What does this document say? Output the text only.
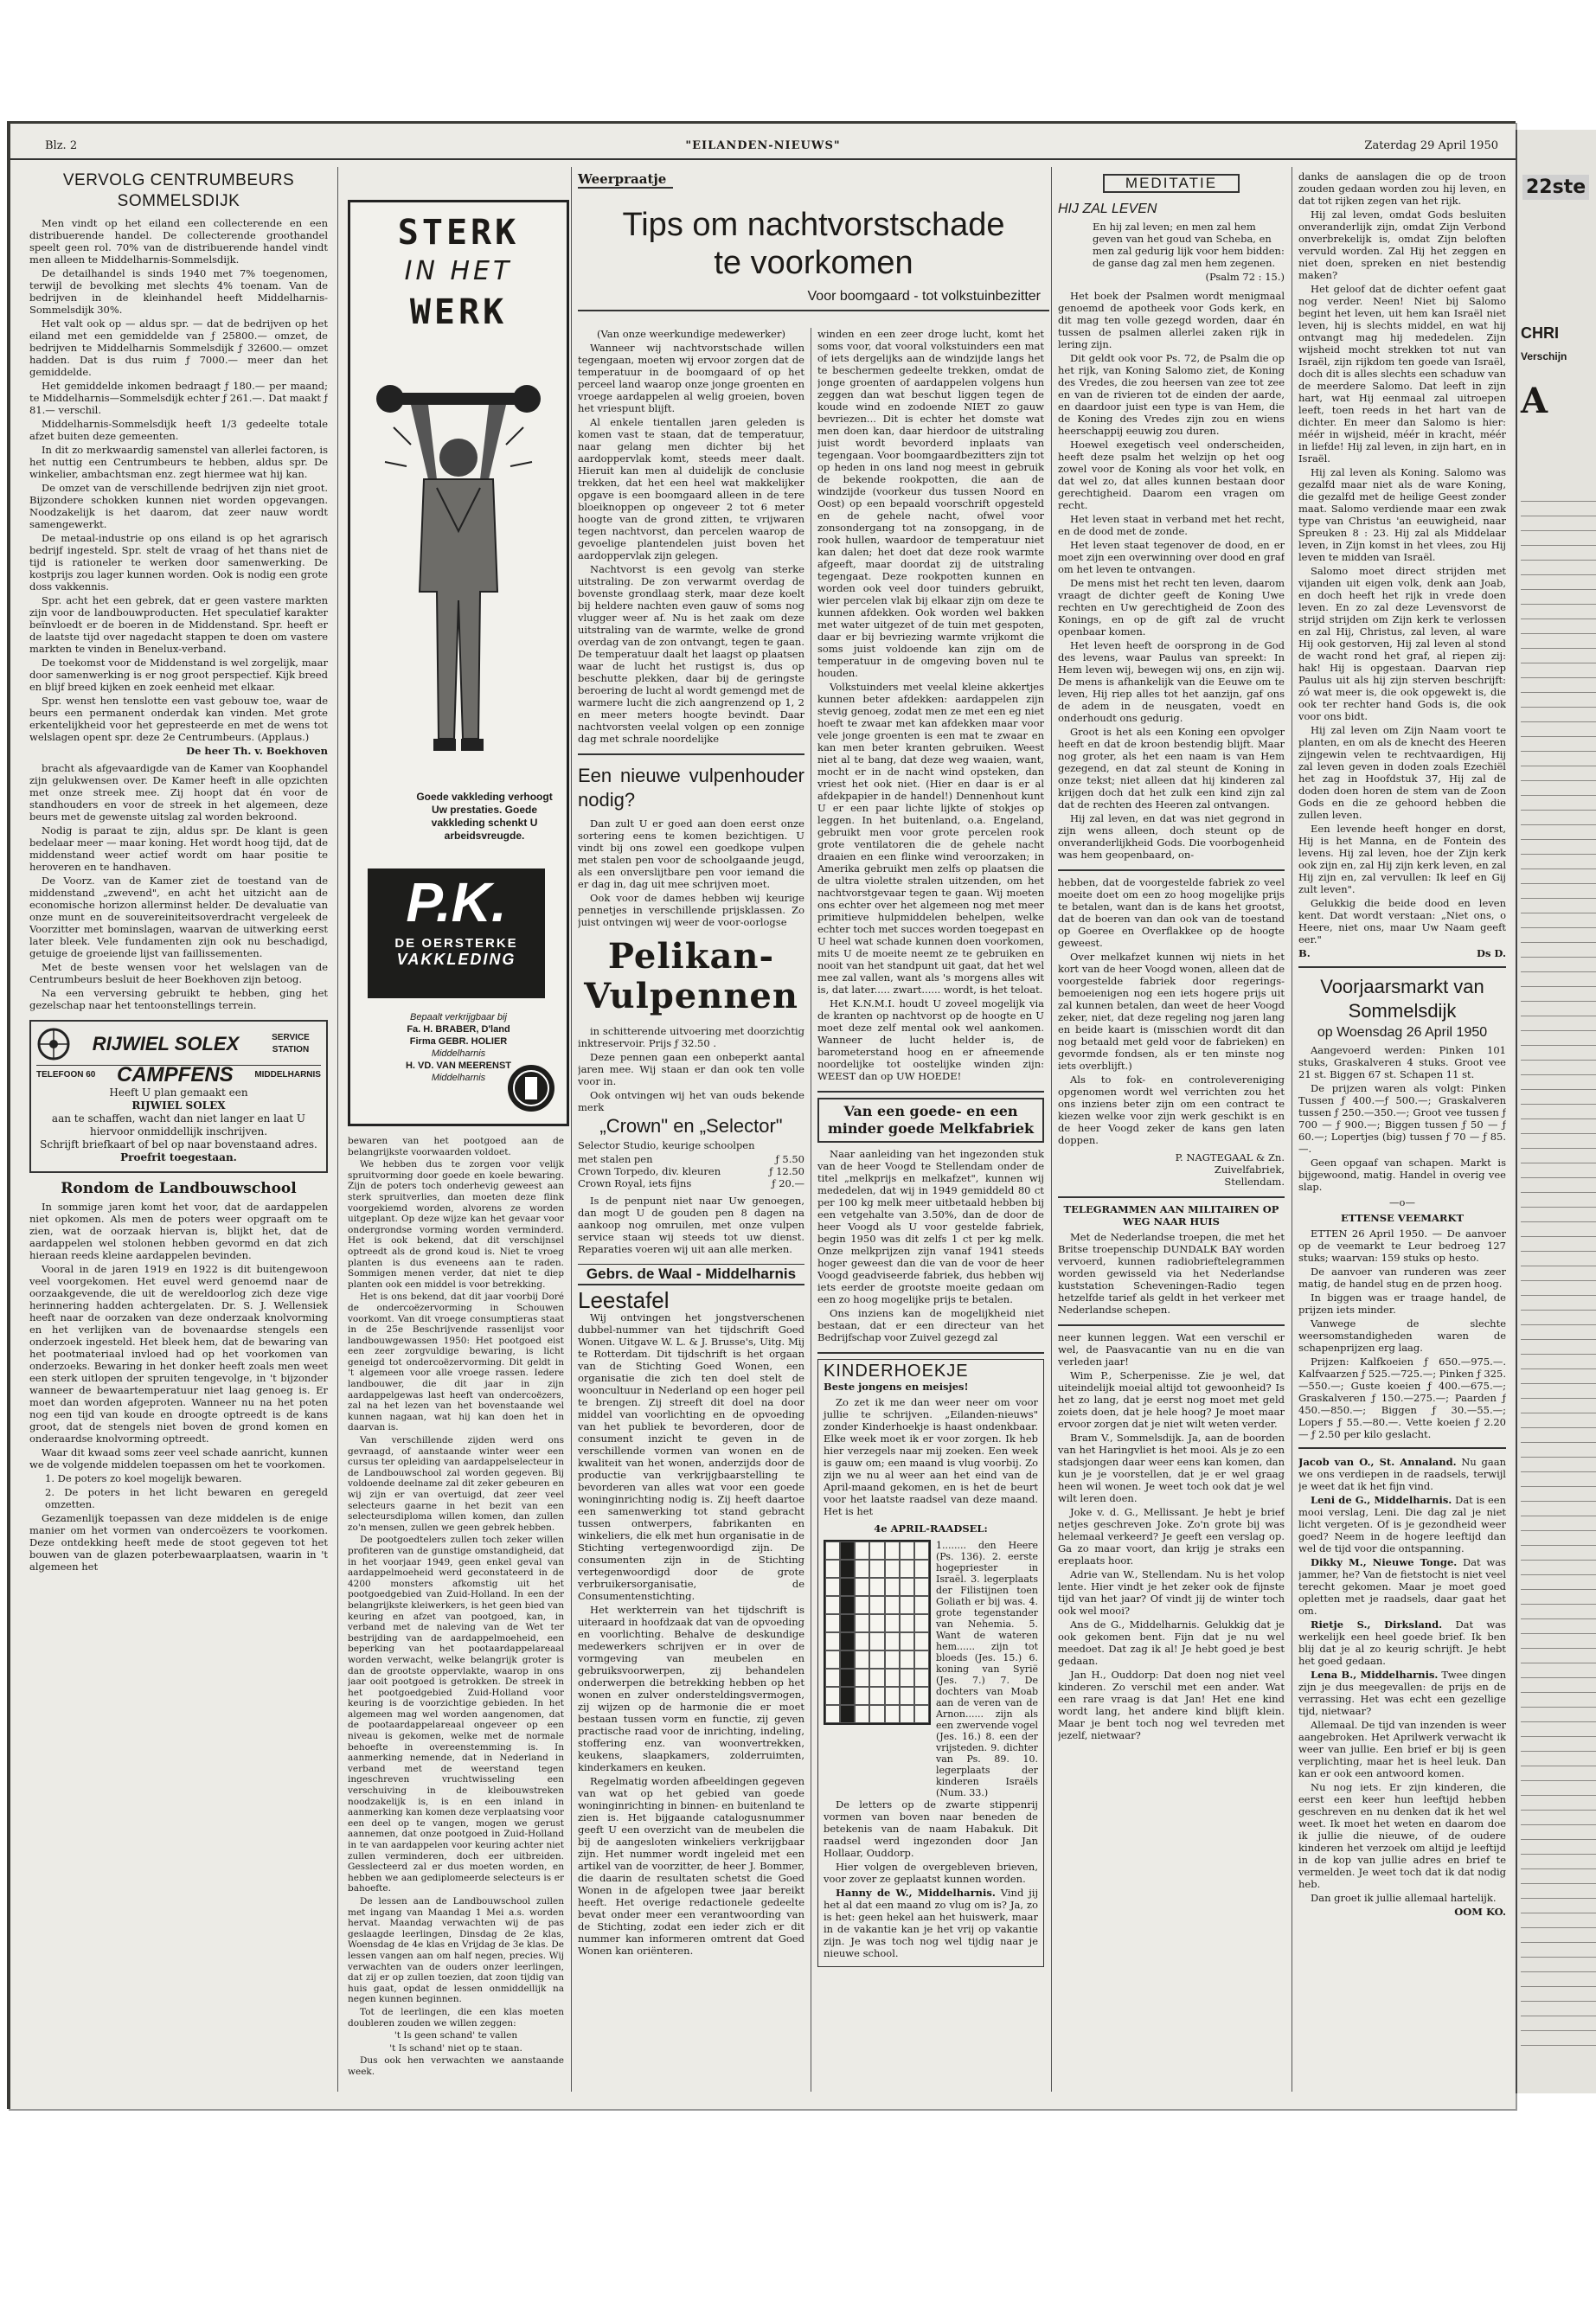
Blz. 2	"EILANDEN-NIEUWS"	Zaterdag 29 April 1950
VERVOLG CENTRUMBEURS SOMMELSDIJK

Men vindt op het eiland een collecterende en een distribuerende handel. De collecterende groothandel speelt geen rol. 70% van de distribuerende handel vindt men alleen te Middelharnis-Sommelsdijk.

De detailhandel is sinds 1940 met 7% toegenomen, terwijl de bevolking met slechts 4% toenam. Van de bedrijven in de kleinhandel heeft Middelharnis-Sommelsdijk 30%.

Het valt ook op — aldus spr. — dat de bedrijven op het eiland met een gemiddelde van ƒ 25800.— omzet, de bedrijven te Middelharnis Sommelsdijk ƒ 32600.— omzet hadden. Dat is dus ruim ƒ 7000.— meer dan het gemiddelde.

Het gemiddelde inkomen bedraagt ƒ 180.— per maand; te Middelharnis—Sommelsdijk echter ƒ 261.—. Dat maakt ƒ 81.— verschil.

Middelharnis-Sommelsdijk heeft 1/3 gedeelte totale afzet buiten deze gemeenten.

In dit zo merkwaardig samenstel van allerlei factoren, is het nuttig een Centrumbeurs te hebben, aldus spr. De winkelier, ambachtsman enz. zegt hiermee wat hij kan.

De omzet van de verschillende bedrijven zijn niet groot. Bijzondere schokken kunnen niet worden opgevangen. Noodzakelijk is het daarom, dat zeer nauw wordt samengewerkt.

De metaal-industrie op ons eiland is op het agrarisch bedrijf ingesteld. Spr. stelt de vraag of het thans niet de tijd is rationeler te werken door samenwerking. De kostprijs zou lager kunnen worden. Ook is nodig een grote doss vakkennis.

Spr. acht het een gebrek, dat er geen vastere markten zijn voor de landbouwproducten. Het speculatief karakter beïnvloedt er de boeren in de Middenstand. Spr. heeft er de laatste tijd over nagedacht stappen te doen om vastere markten te vinden in Benelux-verband.

De toekomst voor de Middenstand is wel zorgelijk, maar door samenwerking is er nog groot perspectief. Kijk breed en blijf breed kijken en zoek eenheid met elkaar.

Spr. wenst hen tenslotte een vast gebouw toe, waar de beurs een permanent onderdak kan vinden. Met grote erkentelijkheid voor het gepresteerde en met de wens tot welslagen opent spr. deze 2e Centrumbeurs. (Applaus.)

De heer Th. v. Boekhoven

bracht als afgevaardigde van de Kamer van Koophandel zijn gelukwensen over. De Kamer heeft in alle opzichten met onze streek mee. Zij hoopt dat én voor de standhouders en voor de streek in het algemeen, deze beurs met de gewenste uitslag zal worden bekroond.

Nodig is paraat te zijn, aldus spr. De klant is geen bedelaar meer — maar koning. Het wordt hoog tijd, dat de middenstand weer actief wordt om haar positie te heroveren en te handhaven.

De Voorz. van de Kamer ziet de toestand van de middenstand „zwevend", en acht het uitzicht aan de economische horizon allerminst helder. De devaluatie van onze munt en de souvereiniteitsoverdracht vergeleek de Voorzitter met bominslagen, waarvan de uitwerking eerst later bleek. Vele fundamenten zijn ook nu beschadigd, getuige de groeiende lijst van faillissementen.

Met de beste wensen voor het welslagen van de Centrumbeurs besluit de heer Boekhoven zijn betoog.

Na een verversing gebruikt te hebben, ging het gezelschap naar het tentoonstellings terrein.

RIJWIEL SOLEX	SERVICE STATION
TELEFOON 60 CAMPFENS MIDDELHARNIS
Heeft U plan gemaakt een
RIJWIEL SOLEX
aan te schaffen, wacht dan niet langer en laat U hiervoor onmiddellijk inschrijven.
Schrijft briefkaart of bel op naar bovenstaand adres.
Proefrit toegestaan.
Rondom de Landbouwschool

In sommige jaren komt het voor, dat de aardappelen niet opkomen. Als men de poters weer opgraaft om te zien, wat de oorzaak hiervan is, blijkt het, dat de aardappelen wel stolonen hebben gevormd en dat zich hieraan reeds kleine aardappelen bevinden.

Vooral in de jaren 1919 en 1922 is dit buitengewoon veel voorgekomen. Het euvel werd genoemd naar de oorzaakgevende, die uit de wereldoorlog zich deze vige herinnering hadden achtergelaten. Dr. S. J. Wellensiek heeft naar de oorzaken van deze onderzaak knolvorming en het verlijken van de bovenaardse stengels een onderzoek ingesteld. Het bleek hem, dat de bewaring van het pootmateriaal invloed had op het voorkomen van onderzoeks. Bewaring in het donker heeft zoals men weet een sterk uitlopen der spruiten tengevolge, in 't bijzonder wanneer de bewaartemperatuur niet laag genoeg is. Er moet dan worden afgeproten. Wanneer nu na het poten nog een tijd van koude en droogte optreedt is de kans groot, dat de stengels niet boven de grond komen en onderaardse knolvorming optreedt.

Waar dit kwaad soms zeer veel schade aanricht, kunnen we de volgende middelen toepassen om het te voorkomen.

1. De poters zo koel mogelijk bewaren.

2. De poters in het licht bewaren en geregeld omzetten.

Gezamenlijk toepassen van deze middelen is de enige manier om het vormen van ondercoëzers te voorkomen. Deze ontdekking heeft mede de stoot gegeven tot het bouwen van de glazen poterbewaarplaatsen, waarin in 't algemeen het

STERK
IN HET
WERK
Goede vakkleding verhoogt Uw prestaties. Goede vakkleding schenkt U arbeidsvreugde.
P.K.
DE OERSTERKE
VAKKLEDING
Bepaalt verkrijgbaar bij
Fa. H. BRABER, D'land
Firma GEBR. HOLIER
Middelharnis
H. VD. VAN MEERENST
Middelharnis

bewaren van het pootgoed aan de belangrijkste voorwaarden voldoet.

We hebben dus te zorgen voor velijk spruitvorming door goede en koele bewaring. Zijn de poters toch onderhevig geweest aan sterk spruitverlies, dan moeten deze flink voorgekiemd worden, alvorens ze worden uitgeplant. Op deze wijze kan het gevaar voor ondergrondse vorming worden verminderd. Het is ook bekend, dat dit verschijnsel optreedt als de grond koud is. Niet te vroeg planten is dus eveneens aan te raden. Sommigen menen verder, dat niet te diep planten ook een middel is voor betrekking.

Het is ons bekend, dat dit jaar voorbij Doré de ondercoëzervorming in Schouwen voorkomt. Van dit vroege consumptieras staat in de 25e Beschrijvende rassenlijst voor landbouwgewassen 1950: Het pootgoed eist een zeer zorgvuldige bewaring, is licht geneigd tot ondercoëzervorming. Dit geldt in 't algemeen voor alle vroege rassen. Iedere landbouwer, die dit jaar in zijn aardappelgewas last heeft van ondercoëzers, zal na het lezen van het bovenstaande wel kunnen nagaan, wat hij kan doen het in daarvan is.

Van verschillende zijden werd ons gevraagd, of aanstaande winter weer een cursus ter opleiding van aardappelselecteur in de Landbouwschool zal worden gegeven. Bij voldoende deelname zal dit zeker gebeuren en wij zijn er van overtuigd, dat zeer veel selecteurs gaarne in het bezit van een selecteursdiploma willen komen, dan zullen zo'n mensen, zullen we geen gebrek hebben.

De pootgoedtelers zullen toch zeker willen profiteren van de gunstige omstandigheid, dat in het voorjaar 1949, geen enkel geval van aardappelmoeheid werd geconstateerd in de 4200 monsters afkomstig uit het pootgoedgebied van Zuid-Holland. In een der belangrijkste kleiwerkers, is het geen bied van keuring en afzet van pootgoed, kan, in verband met de naleving van de Wet ter bestrijding van de aardappelmoeheid, een beperking van het pootaardappelareaal worden verwacht, welke belangrijk groter is dan de grootste oppervlakte, waarop in ons jaar ooit pootgoed is getrokken. De streek in het pootgoedgebied Zuid-Holland voor keuring is de voorzichtige gebieden. In het algemeen mag wel worden aangenomen, dat de pootaardappelareaal ongeveer op een niveau is gekomen, welke met de normale behoefte in overeenstemming is. In aanmerking nemende, dat in Nederland in verband met de weerstand tegen ingeschreven vruchtwisseling een verschuiving in de kleibouwstreken noodzakelijk is, is en een inland in aanmerking kan komen deze verplaatsing voor een deel op te vangen, mogen we gerust aannemen, dat onze pootgoed in Zuid-Holland in te van aardappelen voor keuring achter niet zullen verminderen, doch eer uitbreiden. Gesslecteerd zal er dus moeten worden, en hebben we aan gediplomeerde selecteurs is er bahoefte.

De lessen aan de Landbouwschool zullen met ingang van Maandag 1 Mei a.s. worden hervat. Maandag verwachten wij de pas geslaagde leerlingen, Dinsdag de 2e klas, Woensdag de 4e klas en Vrijdag de 3e klas. De lessen vangen aan om half negen, precies. Wij verwachten van de ouders onzer leerlingen, dat zij er op zullen toezien, dat zoon tijdig van huis gaat, opdat de lessen onmiddellijk na negen kunnen beginnen.

Tot de leerlingen, die een klas moeten doubleren zouden we willen zeggen:

't Is geen schand' te vallen

't Is schand' niet op te staan.

Dus ook hen verwachten we aanstaande week.

Weerpraatje
Tips om nachtvorstschade te voorkomen
Voor boomgaard - tot volkstuinbezitter

(Van onze weerkundige medewerker)

Wanneer wij nachtvorstschade willen tegengaan, moeten wij ervoor zorgen dat de temperatuur in de boomgaard of op het perceel land waarop onze jonge groenten en vroege aardappelen al welig groeien, boven het vriespunt blijft.

Al enkele tientallen jaren geleden is komen vast te staan, dat de temperatuur, naar gelang men dichter bij het aardoppervlak komt, steeds meer daalt. Hieruit kan men al duidelijk de conclusie trekken, dat het een heel wat makkelijker opgave is een boomgaard alleen in de tere bloeiknoppen op ongeveer 2 tot 6 meter hoogte van de grond zitten, te vrijwaren tegen nachtvorst, dan percelen waarop de gevoelige plantendelen juist boven het aardoppervlak zijn gelegen.

Nachtvorst is een gevolg van sterke uitstraling. De zon verwarmt overdag de bovenste grondlaag sterk, maar deze koelt bij heldere nachten even gauw of soms nog vlugger weer af. Nu is het zaak om deze uitstraling van de warmte, welke de grond overdag van de zon ontvangt, tegen te gaan. De temperatuur daalt het laagst op plaatsen waar de lucht het rustigst is, dus op beschutte plekken, daar bij de geringste beroering de lucht al wordt gemengd met de warmere lucht die zich aangrenzend op 1, 2 en meer meters hoogte bevindt. Daar nachtvorsten veelal volgen op een zonnige dag met schrale noordelijke

Een nieuwe vulpenhouder nodig?

Dan zult U er goed aan doen eerst onze sortering eens te komen bezichtigen. U vindt bij ons zowel een goedkope vulpen met stalen pen voor de schoolgaande jeugd, als een onverslijtbare pen voor iemand die er dag in, dag uit mee schrijven moet.

Ook voor de dames hebben wij keurige pennetjes in verschillende prijsklassen. Zo juist ontvingen wij weer de voor-oorlogse

Pelikan-Vulpennen

in schitterende uitvoering met doorzichtig inktreservoir. Prijs ƒ 32.50 .

Deze pennen gaan een onbeperkt aantal jaren mee. Wij staan er dan ook ten volle voor in.

Ook ontvingen wij het van ouds bekende merk

„Crown" en „Selector"

Selector Studio, keurige schoolpen

met stalen pen	ƒ 5.50
Crown Torpedo, div. kleuren	ƒ 12.50
Crown Royal, iets fijns	ƒ 20.—

Is de penpunt niet naar Uw genoegen, dan mogt U de gouden pen 8 dagen na aankoop nog omruilen, met onze vulpen service staan wij steeds tot uw dienst. Reparaties voeren wij uit aan alle merken.

Gebrs. de Waal - Middelharnis
Leestafel

Wij ontvingen het jongstverschenen dubbel-nummer van het tijdschrift Goed Wonen. Uitgave W. L. & J. Brusse's, Uitg. Mij te Rotterdam. Dit tijdschrift is het orgaan van de Stichting Goed Wonen, een organisatie die zich ten doel stelt de wooncultuur in Nederland op een hoger peil te brengen. Zij streeft dit doel na door middel van voorlichting en de opvoeding van het publiek te bevorderen, door de consument inzicht te geven in de verschillende vormen van wonen en de kwaliteit van het wonen, anderzijds door de productie van verkrijgbaarstelling te bevorderen van alles wat voor een goede woninginrichting nodig is. Zij heeft daartoe een samenwerking tot stand gebracht tussen ontwerpers, fabrikanten en winkeliers, die elk met hun organisatie in de Stichting vertegenwoordigd zijn. De consumenten zijn in de Stichting vertegenwoordigd door de grote verbruikersorganisatie, de Consumentenstichting.

Het werkterrein van het tijdschrift is uiteraard in hoofdzaak dat van de opvoeding en voorlichting. Behalve de deskundige medewerkers schrijven er in over de vormgeving van meubelen en gebruiksvoorwerpen, zij behandelen onderwerpen die betrekking hebben op het wonen en zulver ondersteldingsvermogen, zij wijzen op de harmonie die er moet bestaan tussen vorm en functie, zij geven practische raad voor de inrichting, indeling, stoffering enz. van woonvertrekken, keukens, slaapkamers, zolderruimten, kinderkamers en keuken.

Regelmatig worden afbeeldingen gegeven van wat op het gebied van goede woninginrichting in binnen- en buitenland te zien is. Het bijgaande catalogusnummer geeft U een overzicht van de meubelen die bij de aangesloten winkeliers verkrijgbaar zijn. Het nummer wordt ingeleid met een artikel van de voorzitter, de heer J. Bommer, die daarin de resultaten schetst die Goed Wonen in de afgelopen twee jaar bereikt heeft. Het overige redactionele gedeelte bevat onder meer een verantwoording van de Stichting, zodat een ieder zich er dit nummer kan informeren omtrent dat Goed Wonen kan oriënteren.

winden en een zeer droge lucht, komt het soms voor, dat vooral volkstuinders een mat of iets dergelijks aan de windzijde langs het te beschermen gedeelte trekken, omdat de jonge groenten of aardappelen volgens hun zeggen dan wat beschut liggen tegen de koude wind en zodoende NIET zo gauw bevriezen... Dit is echter het domste wat men doen kan, daar hierdoor de uitstraling juist wordt bevorderd inplaats van tegengaan. Voor boomgaardbezitters zijn tot op heden in ons land nog meest in gebruik de bekende rookpotten, die aan de windzijde (voorkeur dus tussen Noord en Oost) op een bepaald voorschrift opgesteld en de gehele nacht, ofwel voor zonsondergang tot na zonsopgang, in de rook hullen, waardoor de temperatuur niet kan dalen; het doet dat deze rook warmte afgeeft, maar doordat zij de uitstraling tegengaat. Deze rookpotten kunnen en worden ook veel door tuinders gebruikt, wier percelen vlak bij elkaar zijn om deze te kunnen afdekken. Ook worden wel bakken met water uitgezet of de tuin met gespoten, daar er bij bevriezing warmte vrijkomt die soms juist voldoende kan zijn om de temperatuur in de omgeving boven nul te houden.

Volkstuinders met veelal kleine akkertjes kunnen beter afdekken: aardappelen zijn stevig genoeg, zodat men ze met een eg niet hoeft te zwaar met kan afdekken maar voor vele jonge groenten is een mat te zwaar en kan men beter kranten gebruiken. Weest niet al te bang, dat deze weg waaien, want, mocht er in de nacht wind opsteken, dan vriest het ook niet. (Hier en daar is er al afdekpapier in de handel!) Dennenhout kunt U er een paar lichte lijkte of stokjes op leggen. In het buitenland, o.a. Engeland, gebruikt men voor grote percelen rook grote ventilatoren die de gehele nacht draaien en een flinke wind veroorzaken; in Amerika gebruikt men zelfs op plaatsen die de ultra violette stralen uitzenden, om het nachtvorstgevaar tegen te gaan. Wij moeten ons echter over het algemeen nog met meer primitieve hulpmiddelen behelpen, welke echter toch met succes worden toegepast en U heel wat schade kunnen doen voorkomen, mits U de moeite neemt ze te gebruiken en nooit van het standpunt uit gaat, dat het wel mee zal vallen, want als 's morgens alles wit is, dat later..... zwart...... wordt, is het teloat.

Het K.N.M.I. houdt U zoveel mogelijk via de kranten op nachtvorst op de hoogte en U moet deze zelf mental ook wel aankomen. Wanneer de lucht helder is, de barometerstand hoog en er afneemende noordelijke tot oostelijke winden zijn: WEEST dan op UW HOEDE!

Van een goede- en een minder goede Melkfabriek

Naar aanleiding van het ingezonden stuk van de heer Voogd te Stellendam onder de titel „melkprijs en melkafzet", kunnen wij mededelen, dat wij in 1949 gemiddeld 80 ct per 100 kg melk meer uitbetaald hebben bij een vetgehalte van 3.50%, dan de door de heer Voogd als U voor gestelde fabriek, begin 1950 was dit zelfs 1 ct per kg melk. Onze melkprijzen zijn vanaf 1941 steeds hoger geweest dan die van de voor de heer Voogd geadviseerde fabriek, dus hebben wij iets eerder de grootste moeite gedaan om een zo hoog mogelijke prijs te betalen.

Ons inziens kan de mogelijkheid niet bestaan, dat er een directeur van het Bedrijfschap voor Zuivel gezegd zal

KINDERHOEKJE
Beste jongens en meisjes!

Zo zet ik me dan weer neer om voor jullie te schrijven. „Eilanden-nieuws" zonder Kinderhoekje is haast ondenkbaar. Elke week moet ik er voor zorgen. Ik heb hier verzegels naar mij zoeken. Een week is gauw om; een maand is vlug voorbij. Zo zijn we nu al weer aan het eind van de April-maand gekomen, en is het de beurt voor het laatste raadsel van deze maand. Het is het

4e APRIL-RAADSEL:
1........ den Heere (Ps. 136). 2. eerste hogepriester in Israël. 3. legerplaats der Filistijnen toen Goliath er bij was. 4. grote tegenstander van Nehemia. 5. Want de wateren hem...... zijn tot bloeds (Jes. 15.) 6. koning van Syrië (Jes. 7.) 7. De dochters van Moab aan de veren van de Arnon...... zijn als een zwervende vogel (Jes. 16.) 8. een der vrijsteden. 9. dichter van Ps. 89. 10. legerplaats der kinderen Israëls (Num. 33.)

De letters op de zwarte stippenrij vormen van boven naar beneden de betekenis van de naam Habakuk. Dit raadsel werd ingezonden door Jan Hollaar, Ouddorp.

Hier volgen de overgebleven brieven, voor zover ze geplaatst kunnen worden.

Hanny de W., Middelharnis. Vind jij het al dat een maand zo vlug om is? Ja, zo is het: geen hekel aan het huiswerk, maar in de vakantie kan je het vrij op vakantie zijn. Je was toch nog wel tijdig naar je nieuwe school.

MEDITATIE
HIJ ZAL LEVEN

En hij zal leven; en men zal hem geven van het goud van Scheba, en men zal gedurig lijk voor hem bidden: de ganse dag zal men hem zegenen.

(Psalm 72 : 15.)

Het boek der Psalmen wordt menigmaal genoemd de apotheek voor Gods kerk, en dit mag ten volle gezegd worden, daar én tussen de psalmen allerlei zaken rijk in lering zijn.

Dit geldt ook voor Ps. 72, de Psalm die op het rijk, van Koning Salomo ziet, de Koning des Vredes, die zou heersen van zee tot zee en van de rivieren tot de einden der aarde, en daardoor juist een type is van Hem, die de Koning des Vredes zijn zou en wiens heerschappij eeuwig zou duren.

Hoewel exegetisch veel onderscheiden, heeft deze psalm het welzijn op het oog zowel voor de Koning als voor het volk, en dat wel zo, dat alles kunnen bestaan door gerechtigheid. Daarom een vragen om recht.

Het leven staat in verband met het recht, en de dood met de zonde.

Het leven staat tegenover de dood, en er moet zijn een overwinning over dood en graf om het leven te ontvangen.

De mens mist het recht ten leven, daarom vraagt de dichter geeft de Koning Uwe rechten en Uw gerechtigheid de Zoon des Konings, en op de gift zal de vrucht openbaar komen.

Het leven heeft de oorsprong in de God des levens, waar Paulus van spreekt: In Hem leven wij, bewegen wij ons, en zijn wij. De mens is afhankelijk van die Eeuwe om te leven, Hij riep alles tot het aanzijn, gaf ons de adem in de neusgaten, voedt en onderhoudt ons gedurig.

Groot is het als een Koning een opvolger heeft en dat de kroon bestendig blijft. Maar nog groter, als het een naam is van Hem gezegend, en dat zal steunt de Koning in onze tekst; niet alleen dat hij kinderen zal krijgen doch dat het zulk een kind zijn zal dat de rechten des Heeren zal ontvangen.

Hij zal leven, en dat was niet gegrond in zijn wens alleen, doch steunt op de onveranderlijkheid Gods. Die voorbogenheid was hem geopenbaard, on-

hebben, dat de voorgestelde fabriek zo veel moeite doet om een zo hoog mogelijke prijs te betalen, want dan is de kans het grootst, dat de boeren van dan ook van de toestand op Goeree en Overflakkee op de hoogte geweest.

Over melkafzet kunnen wij niets in het kort van de heer Voogd wonen, alleen dat de voorgestelde fabriek door regerings-bemoeienigen nog een iets hogere prijs uit zal kunnen betalen, dan weet de heer Voogd zeker, niet, dat deze regeling nog jaren lang en beide kaart is (misschien wordt dit dan nog betaald met geld voor de fabrieken) en gevormde fondsen, als er ten minste nog iets overblijft.)

Als to fok- en controlevereniging opgenomen wordt wel verrichten zou het ons inziens beter zijn om een contract te kiezen welke voor zijn werk geschikt is en de heer Voogd zeker de kans gen laten doppen.

P. NAGTEGAAL & Zn.
Zuivelfabriek,
Stellendam.
TELEGRAMMEN AAN MILITAIREN OP WEG NAAR HUIS

Met de Nederlandse troepen, die met het Britse troepenschip DUNDALK BAY worden vervoerd, kunnen radiobrieftelegrammen worden gewisseld via het Nederlandse kuststation Scheveningen-Radio tegen hetzelfde tarief als geldt in het verkeer met Nederlandse schepen.

neer kunnen leggen. Wat een verschil er wel, de Paasvacantie van nu en die van verleden jaar!

Wim P., Scherpenisse. Zie je wel, dat uiteindelijk moeial altijd tot gewoonheid? Is het zo lang, dat je eerst nog moet met geld zoiets doen, dat je hele hoog? Je moet maar ervoor zorgen dat je niet wilt weten verder.

Bram V., Sommelsdijk. Ja, aan de boorden van het Haringvliet is het mooi. Als je zo een stadsjongen daar weer eens kan komen, dan kun je je voorstellen, dat je er wel graag heen wil wonen. Je weet toch ook dat je wel wilt leren doen.

Joke v. d. G., Mellissant. Je hebt je brief netjes geschreven Joke. Zo'n grote bij was helemaal verkeerd? Je geeft een verslag op. Ga zo maar voort, dan krijg je straks een ereplaats hoor.

Adrie van W., Stellendam. Nu is het volop lente. Hier vindt je het zeker ook de fijnste tijd van het jaar? Of vindt jij de winter toch ook wel mooi?

Ans de G., Middelharnis. Gelukkig dat je ook gekomen bent. Fijn dat je nu wel meedoet. Dat zag ik al! Je hebt goed je best gedaan.

Jan H., Ouddorp: Dat doen nog niet veel kinderen. Zo verschil met een ander. Wat een rare vraag is dat Jan! Het ene kind wordt lang, het andere kind blijft klein. Maar je bent toch nog wel tevreden met jezelf, nietwaar?

danks de aanslagen die op de troon zouden gedaan worden zou hij leven, en dat tot rijken zegen van het rijk.

Hij zal leven, omdat Gods besluiten onveranderlijk zijn, omdat Zijn Verbond onverbrekelijk is, omdat Zijn beloften vervuld worden. Zal Hij het zeggen en niet doen, spreken en niet bestendig maken?

Het geloof dat de dichter oefent gaat nog verder. Neen! Niet bij Salomo begint het leven, uit hem kan Israël niet leven, hij is slechts middel, en wat hij ontvangt mag hij mededelen. Zijn wijsheid mocht strekken tot nut van Israël, zijn rijkdom ten goede van Israël, doch dit is alles slechts een schaduw van de meerdere Salomo. Dat leeft in zijn hart, wat Hij eenmaal zal uitroepen leeft, toen reeds in het hart van de dichter. En meer dan Salomo is hier: méér in wijsheid, méér in kracht, méér in liefde! Hij zal leven, in zijn hart, en in Israël.

Hij zal leven als Koning. Salomo was gezalfd maar niet als de ware Koning, die gezalfd met de heilige Geest zonder maat. Salomo verdiende maar een zwak type van Christus 'an eeuwigheid, naar Spreuken 8 : 23. Hij zal als Middelaar leven, in Zijn komst in het vlees, zou Hij leven te midden van Israël.

Salomo moet direct strijden met vijanden uit eigen volk, denk aan Joab, en doch heeft het rijk in vrede doen leven. En zo zal deze Levensvorst de strijd strijden om Zijn kerk te verlossen en zal Hij, Christus, zal leven, al ware Hij ook gestorven, Hij zal leven al stond de wacht rond het graf, al riepen zij: hak! Hij is opgestaan. Daarvan riep Paulus uit als hij zijn sterven beschrijft: zó wat meer is, die ook opgewekt is, die ook ter rechter hand Gods is, die ook voor ons bidt.

Hij zal leven om Zijn Naam voort te planten, en om als de knecht des Heeren zijngewin velen te rechtvaardigen, Hij zal leven geven in doden zoals Ezechiël het zag in Hoofdstuk 37, Hij zal de doden doen horen de stem van de Zoon Gods en die ze gehoord hebben die zullen leven.

Een levende heeft honger en dorst, Hij is het Manna, en de Fontein des levens. Hij zal leven, hoe der Zijn kerk ook zijn en, zal Hij zijn kerk leven, en zal Hij zijn en, zal vervullen: Ik leef en Gij zult leven".

Gelukkig die beide dood en leven kent. Dat wordt verstaan: „Niet ons, o Heere, niet ons, maar Uw Naam geeft eer."

B.	Ds D.
Voorjaarsmarkt van Sommelsdijk
op Woensdag 26 April 1950

Aangevoerd werden: Pinken 101 stuks, Graskalveren 4 stuks. Groot vee 21 st. Biggen 67 st. Schapen 11 st.

De prijzen waren als volgt: Pinken Tussen ƒ 400.—ƒ 500.—; Graskalveren tussen ƒ 250.—350.—; Groot vee tussen ƒ 700 — ƒ 900.—; Biggen tussen ƒ 50 — ƒ 60.—; Lopertjes (big) tussen ƒ 70 — ƒ 85.—.

Geen opgaaf van schapen. Markt is bijgewoond, matig. Handel in overig vee slap.

—o—
ETTENSE VEEMARKT

ETTEN 26 April 1950. — De aanvoer op de veemarkt te Leur bedroeg 127 stuks; waarvan: 159 stuks op hesto.

De aanvoer van runderen was zeer matig, de handel stug en de przen hoog.

In biggen was er traage handel, de prijzen iets minder.

Vanwege de slechte weersomstandigheden waren de schapenprijzen erg laag.

Prijzen: Kalfkoeien ƒ 650.—975.—. Kalfvaarzen ƒ 525.—725.—; Pinken ƒ 325.—550.—; Guste koeien ƒ 400.—675.—; Graskalveren ƒ 150.—275.—; Paarden ƒ 450.—850.—; Biggen ƒ 30.—55.—; Lopers ƒ 55.—80.—. Vette koeien ƒ 2.20 — ƒ 2.50 per kilo geslacht.

Jacob van O., St. Annaland. Nu gaan we ons verdiepen in de raadsels, terwijl je weet dat ik het fijn vind.

Leni de G., Middelharnis. Dat is een mooi verslag, Leni. Die dag zal je niet licht vergeten. Of is je gezondheid weer goed? Neem in de hogere leeftijd dan wel de tijd voor die ontspanning.

Dikky M., Nieuwe Tonge. Dat was jammer, he? Van de fietstocht is niet veel terecht gekomen. Maar je moet goed opletten met je raadsels, daar gaat het om.

Rietje S., Dirksland. Dat was werkelijk een heel goede brief. Ik ben blij dat je al zo keurig schrijft. Je hebt het goed gedaan.

Lena B., Middelharnis. Twee dingen zijn je dus meegevallen: de prijs en de verrassing. Het was echt een gezellige tijd, nietwaar?

Allemaal. De tijd van inzenden is weer aangebroken. Het Aprilwerk verwacht ik weer van jullie. Een brief er bij is geen verplichting, maar het is heel leuk. Dan kan er ook een antwoord komen.

Nu nog iets. Er zijn kinderen, die eerst een keer hun leeftijd hebben geschreven en nu denken dat ik het wel weet. Ik moet het weten en daarom doe ik jullie die nieuwe, of de oudere kinderen het verzoek om altijd je leeftijd in de kop van jullie adres en brief te vermelden. Je weet toch dat ik dat nodig heb.

Dan groet ik jullie allemaal hartelijk.

OOM KO.
22ste
CHRI
Verschijn
A
